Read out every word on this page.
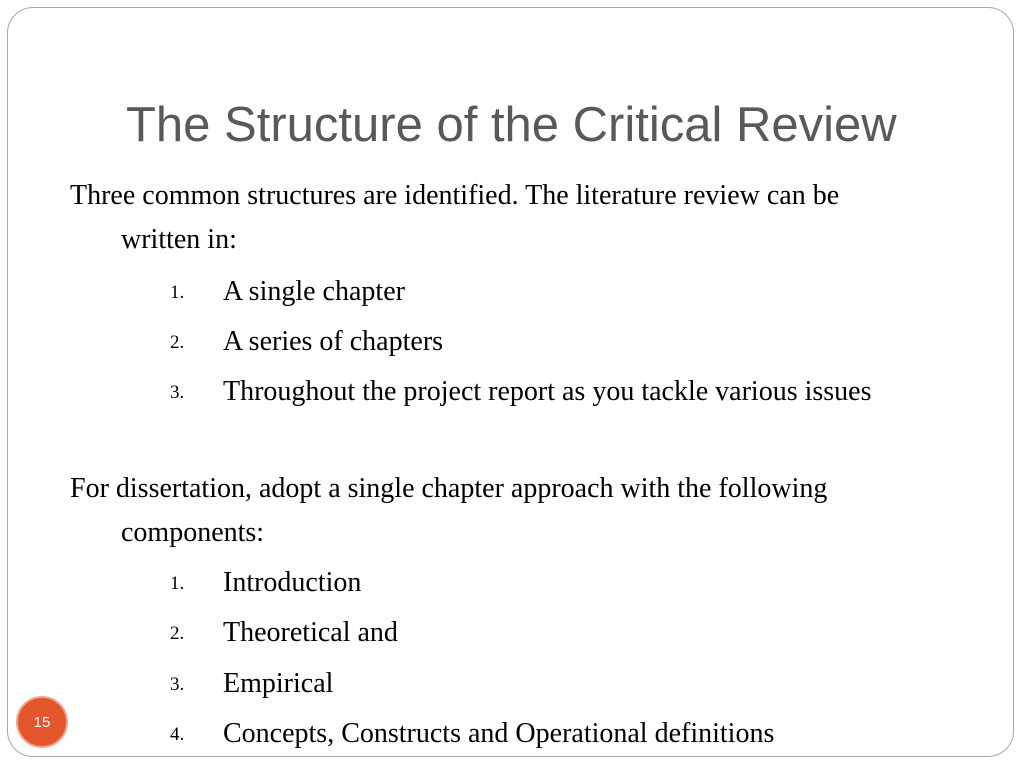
The Structure of the Critical Review

Three common structures are identified. The literature review can be
written in:

1.	A single chapter
2.	A series of chapters
3.	Throughout the project report as you tackle various issues

For dissertation, adopt a single chapter approach with the following
components:

1.	Introduction
2.	Theoretical and
3.	Empirical
4.	Concepts, Constructs and Operational definitions
15
